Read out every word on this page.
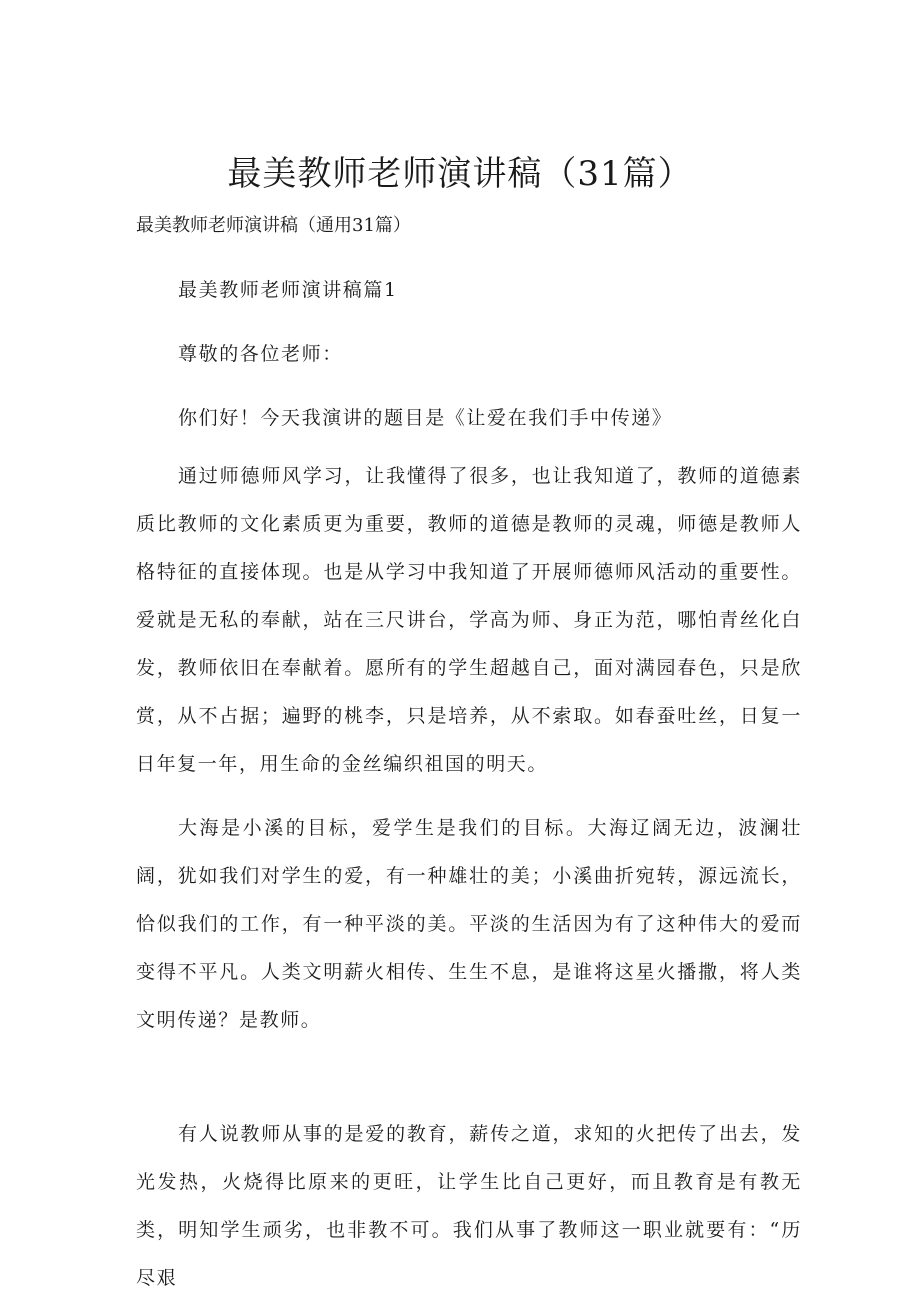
最美教师老师演讲稿（31篇）

最美教师老师演讲稿（通用31篇）

最美教师老师演讲稿篇1

尊敬的各位老师：

你们好！今天我演讲的题目是《让爱在我们手中传递》

通过师德师风学习，让我懂得了很多，也让我知道了，教师的道德素质比教师的文化素质更为重要，教师的道德是教师的灵魂，师德是教师人格特征的直接体现。也是从学习中我知道了开展师德师风活动的重要性。爱就是无私的奉献，站在三尺讲台，学高为师、身正为范，哪怕青丝化白发，教师依旧在奉献着。愿所有的学生超越自己，面对满园春色，只是欣赏，从不占据；遍野的桃李，只是培养，从不索取。如春蚕吐丝，日复一日年复一年，用生命的金丝编织祖国的明天。

大海是小溪的目标，爱学生是我们的目标。大海辽阔无边，波澜壮阔，犹如我们对学生的爱，有一种雄壮的美；小溪曲折宛转，源远流长，恰似我们的工作，有一种平淡的美。平淡的生活因为有了这种伟大的爱而变得不平凡。人类文明薪火相传、生生不息，是谁将这星火播撒，将人类文明传递？是教师。

有人说教师从事的是爱的教育，薪传之道，求知的火把传了出去，发光发热，火烧得比原来的更旺，让学生比自己更好，而且教育是有教无类，明知学生顽劣，也非教不可。我们从事了教师这一职业就要有：“历尽艰
